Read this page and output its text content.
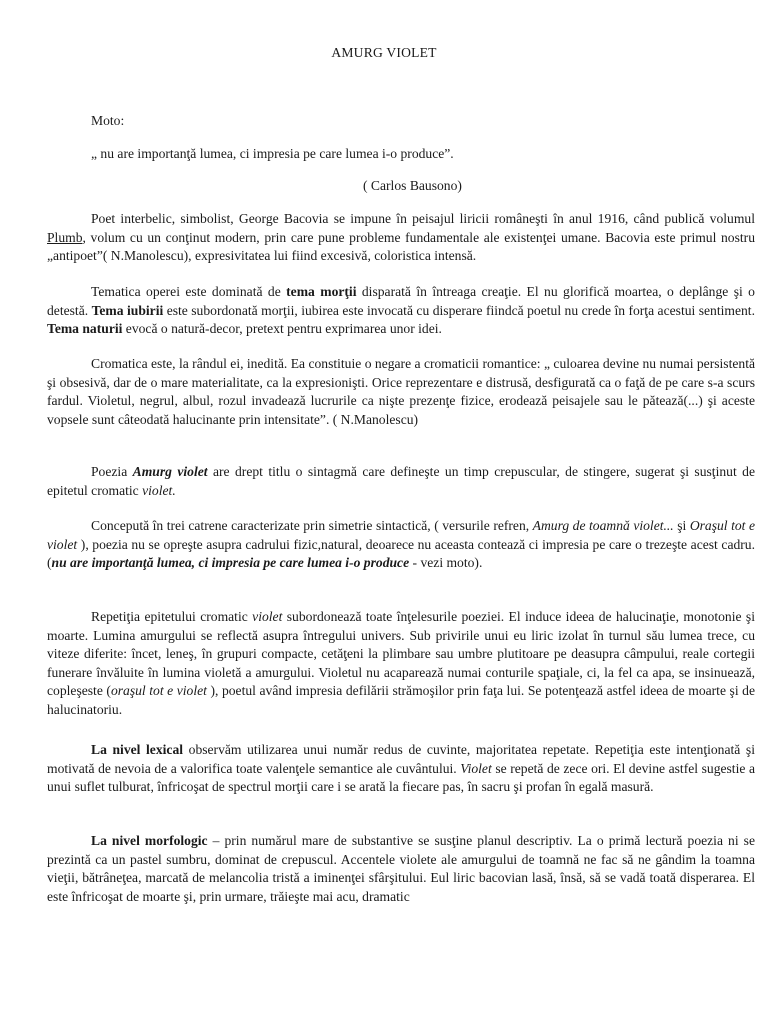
AMURG VIOLET
Moto:
„ nu are importanţă lumea, ci impresia pe care lumea i-o produce”.
( Carlos Bausono)

Poet interbelic, simbolist, George Bacovia se impune în peisajul liricii româneşti în anul 1916, când publică volumul Plumb, volum cu un conţinut modern, prin care pune probleme fundamentale ale existenţei umane. Bacovia este primul nostru „antipoet”( N.Manolescu), expresivitatea lui fiind excesivă, coloristica intensă.

Tematica operei este dominată de tema morţii disparată în întreaga creaţie. El nu glorifică moartea, o deplânge şi o detestă. Tema iubirii este subordonată morţii, iubirea este invocată cu disperare fiindcă poetul nu crede în forţa acestui sentiment. Tema naturii evocă o natură-decor, pretext pentru exprimarea unor idei.

Cromatica este, la rândul ei, inedită. Ea constituie o negare a cromaticii romantice: „ culoarea devine nu numai persistentă şi obsesivă, dar de o mare materialitate, ca la expresionişti. Orice reprezentare e distrusă, desfigurată ca o faţă de pe care s-a scurs fardul. Violetul, negrul, albul, rozul invadează lucrurile ca nişte prezenţe fizice, erodează peisajele sau le pătează(...) şi aceste vopsele sunt câteodată halucinante prin intensitate”. ( N.Manolescu)

Poezia Amurg violet are drept titlu o sintagmă care defineşte un timp crepuscular, de stingere, sugerat şi susţinut de epitetul cromatic violet.

Concepută în trei catrene caracterizate prin simetrie sintactică, ( versurile refren, Amurg de toamnă violet... şi Oraşul tot e violet ), poezia nu se opreşte asupra cadrului fizic,natural, deoarece nu aceasta contează ci impresia pe care o trezeşte acest cadru.(nu are importanţă lumea, ci impresia pe care lumea i-o produce - vezi moto).

Repetiţia epitetului cromatic violet subordonează toate înţelesurile poeziei. El induce ideea de halucinaţie, monotonie şi moarte. Lumina amurgului se reflectă asupra întregului univers. Sub privirile unui eu liric izolat în turnul său lumea trece, cu viteze diferite: încet, leneş, în grupuri compacte, cetăţeni la plimbare sau umbre plutitoare pe deasupra câmpului, reale cortegii funerare învăluite în lumina violetă a amurgului. Violetul nu acaparează numai conturile spaţiale, ci, la fel ca apa, se insinuează, copleşeste (oraşul tot e violet ), poetul având impresia defilării strămoşilor prin faţa lui. Se potenţează astfel ideea de moarte şi de halucinatoriu.

La nivel lexical observăm utilizarea unui număr redus de cuvinte, majoritatea repetate. Repetiţia este intenţionată şi motivată de nevoia de a valorifica toate valenţele semantice ale cuvântului. Violet se repetă de zece ori. El devine astfel sugestie a unui suflet tulburat, înfricoşat de spectrul morţii care i se arată la fiecare pas, în sacru şi profan în egală masură.

La nivel morfologic – prin numărul mare de substantive se susţine planul descriptiv. La o primă lectură poezia ni se prezintă ca un pastel sumbru, dominat de crepuscul. Accentele violete ale amurgului de toamnă ne fac să ne gândim la toamna vieţii, bătrâneţea, marcată de melancolia tristă a iminenţei sfârşitului. Eul liric bacovian lasă, însă, să se vadă toată disperarea. El este înfricoşat de moarte şi, prin urmare, trăieşte mai acu, dramatic
